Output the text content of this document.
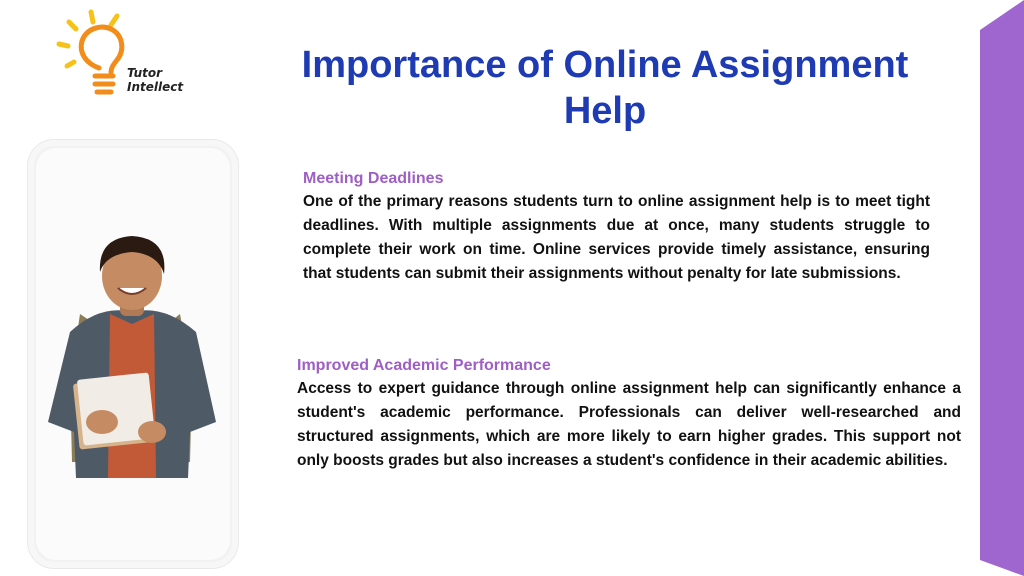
Tutor
Intellect
Importance of Online Assignment Help
Meeting Deadlines

One of the primary reasons students turn to online assignment help is to meet tight deadlines. With multiple assignments due at once, many students struggle to complete their work on time. Online services provide timely assistance, ensuring that students can submit their assignments without penalty for late submissions.

Improved Academic Performance

Access to expert guidance through online assignment help can significantly enhance a student's academic performance. Professionals can deliver well-researched and structured assignments, which are more likely to earn higher grades. This support not only boosts grades but also increases a student's confidence in their academic abilities.
